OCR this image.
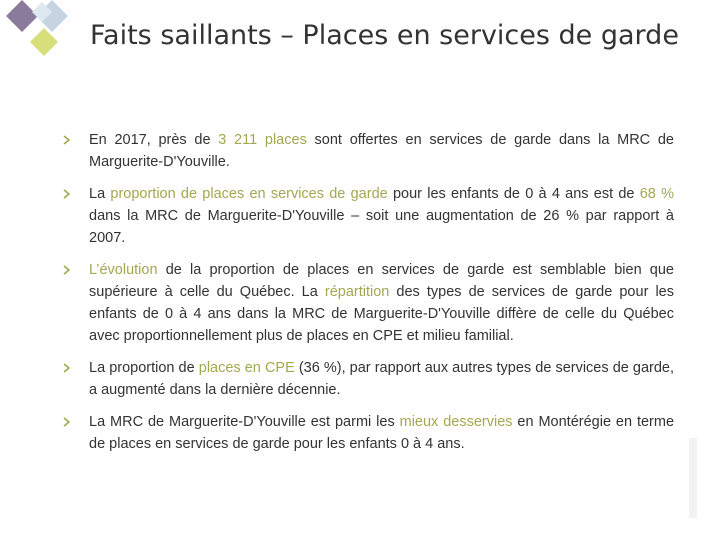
Faits saillants – Places en services de garde
En 2017, près de 3 211 places sont offertes en services de garde dans la MRC de Marguerite-D'Youville.
La proportion de places en services de garde pour les enfants de 0 à 4 ans est de 68 % dans la MRC de Marguerite-D'Youville – soit une augmentation de 26 % par rapport à 2007.
L’évolution de la proportion de places en services de garde est semblable bien que supérieure à celle du Québec. La répartition des types de services de garde pour les enfants de 0 à 4 ans dans la MRC de Marguerite-D'Youville diffère de celle du Québec avec proportionnellement plus de places en CPE et milieu familial.
La proportion de places en CPE (36 %), par rapport aux autres types de services de garde, a augmenté dans la dernière décennie.
La MRC de Marguerite-D'Youville est parmi les mieux desservies en Montérégie en terme de places en services de garde pour les enfants 0 à 4 ans.
